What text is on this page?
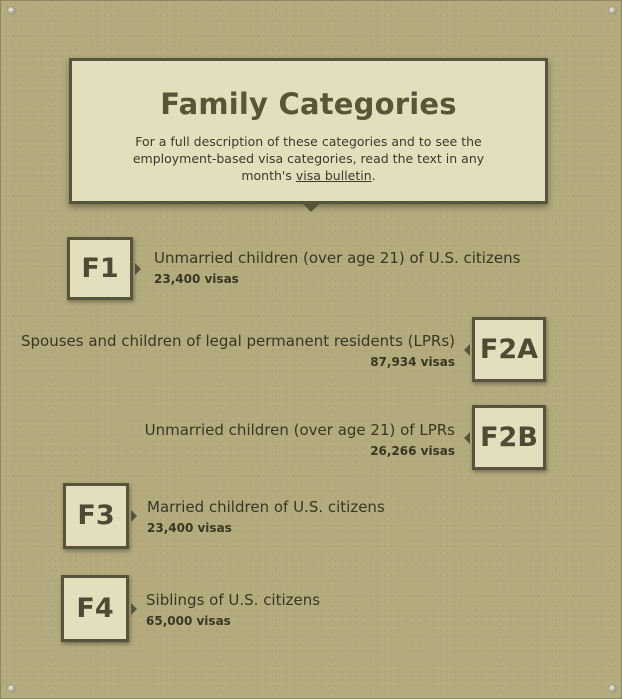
Family Categories
For a full description of these categories and to see the employment-based visa categories, read the text in any month's visa bulletin.
F1	Unmarried children (over age 21) of U.S. citizens
23,400 visas
Spouses and children of legal permanent residents (LPRs)
87,934 visas F2A
Unmarried children (over age 21) of LPRs
26,266 visas F2B
F3	Married children of U.S. citizens
23,400 visas
F4	Siblings of U.S. citizens
65,000 visas
